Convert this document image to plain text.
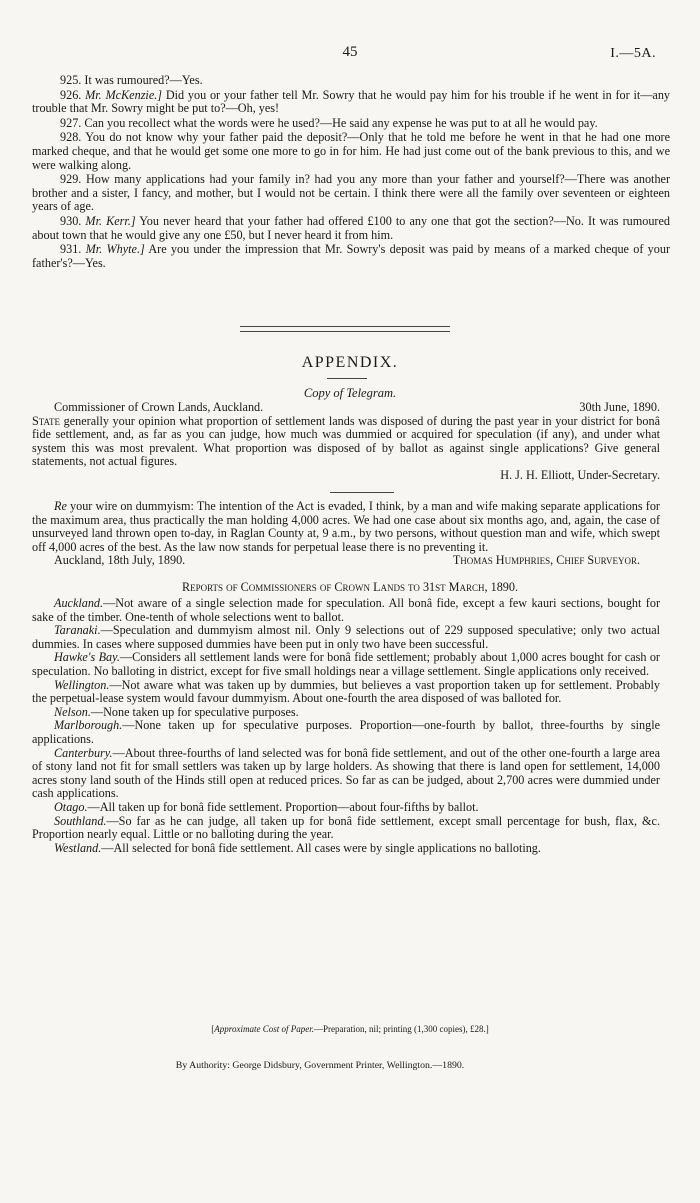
45	I.—5A.

925. It was rumoured?—Yes.

926. Mr. McKenzie.] Did you or your father tell Mr. Sowry that he would pay him for his trouble if he went in for it—any trouble that Mr. Sowry might be put to?—Oh, yes!

927. Can you recollect what the words were he used?—He said any expense he was put to at all he would pay.

928. You do not know why your father paid the deposit?—Only that he told me before he went in that he had one more marked cheque, and that he would get some one more to go in for him. He had just come out of the bank previous to this, and we were walking along.

929. How many applications had your family in? had you any more than your father and yourself?—There was another brother and a sister, I fancy, and mother, but I would not be certain. I think there were all the family over seventeen or eighteen years of age.

930. Mr. Kerr.] You never heard that your father had offered £100 to any one that got the section?—No. It was rumoured about town that he would give any one £50, but I never heard it from him.

931. Mr. Whyte.] Are you under the impression that Mr. Sowry's deposit was paid by means of a marked cheque of your father's?—Yes.

APPENDIX.
Copy of Telegram.
Commissioner of Crown Lands, Auckland.	30th June, 1890.
State generally your opinion what proportion of settlement lands was disposed of during the past year in your district for bonâ fide settlement, and, as far as you can judge, how much was dummied or acquired for speculation (if any), and under what system this was most prevalent. What proportion was disposed of by ballot as against single applications? Give general statements, not actual figures.
H. J. H. Elliott, Under-Secretary.
Re your wire on dummyism: The intention of the Act is evaded, I think, by a man and wife making separate applications for the maximum area, thus practically the man holding 4,000 acres. We had one case about six months ago, and, again, the case of unsurveyed land thrown open to-day, in Raglan County at, 9 a.m., by two persons, without question man and wife, which swept off 4,000 acres of the best. As the law now stands for perpetual lease there is no preventing it.
Auckland, 18th July, 1890.	Thomas Humphries, Chief Surveyor.
Reports of Commissioners of Crown Lands to 31st March, 1890.

Auckland.—Not aware of a single selection made for speculation. All bonâ fide, except a few kauri sections, bought for sake of the timber. One-tenth of whole selections went to ballot.

Taranaki.—Speculation and dummyism almost nil. Only 9 selections out of 229 supposed speculative; only two actual dummies. In cases where supposed dummies have been put in only two have been successful.

Hawke's Bay.—Considers all settlement lands were for bonâ fide settlement; probably about 1,000 acres bought for cash or speculation. No balloting in district, except for five small holdings near a village settlement. Single applications only received.

Wellington.—Not aware what was taken up by dummies, but believes a vast proportion taken up for settlement. Probably the perpetual-lease system would favour dummyism. About one-fourth the area disposed of was balloted for.

Nelson.—None taken up for speculative purposes.

Marlborough.—None taken up for speculative purposes. Proportion—one-fourth by ballot, three-fourths by single applications.

Canterbury.—About three-fourths of land selected was for bonâ fide settlement, and out of the other one-fourth a large area of stony land not fit for small settlers was taken up by large holders. As showing that there is land open for settlement, 14,000 acres stony land south of the Hinds still open at reduced prices. So far as can be judged, about 2,700 acres were dummied under cash applications.

Otago.—All taken up for bonâ fide settlement. Proportion—about four-fifths by ballot.

Southland.—So far as he can judge, all taken up for bonâ fide settlement, except small percentage for bush, flax, &c. Proportion nearly equal. Little or no balloting during the year.

Westland.—All selected for bonâ fide settlement. All cases were by single applications no balloting.

[Approximate Cost of Paper.—Preparation, nil; printing (1,300 copies), £28.]
By Authority: George Didsbury, Government Printer, Wellington.—1890.
